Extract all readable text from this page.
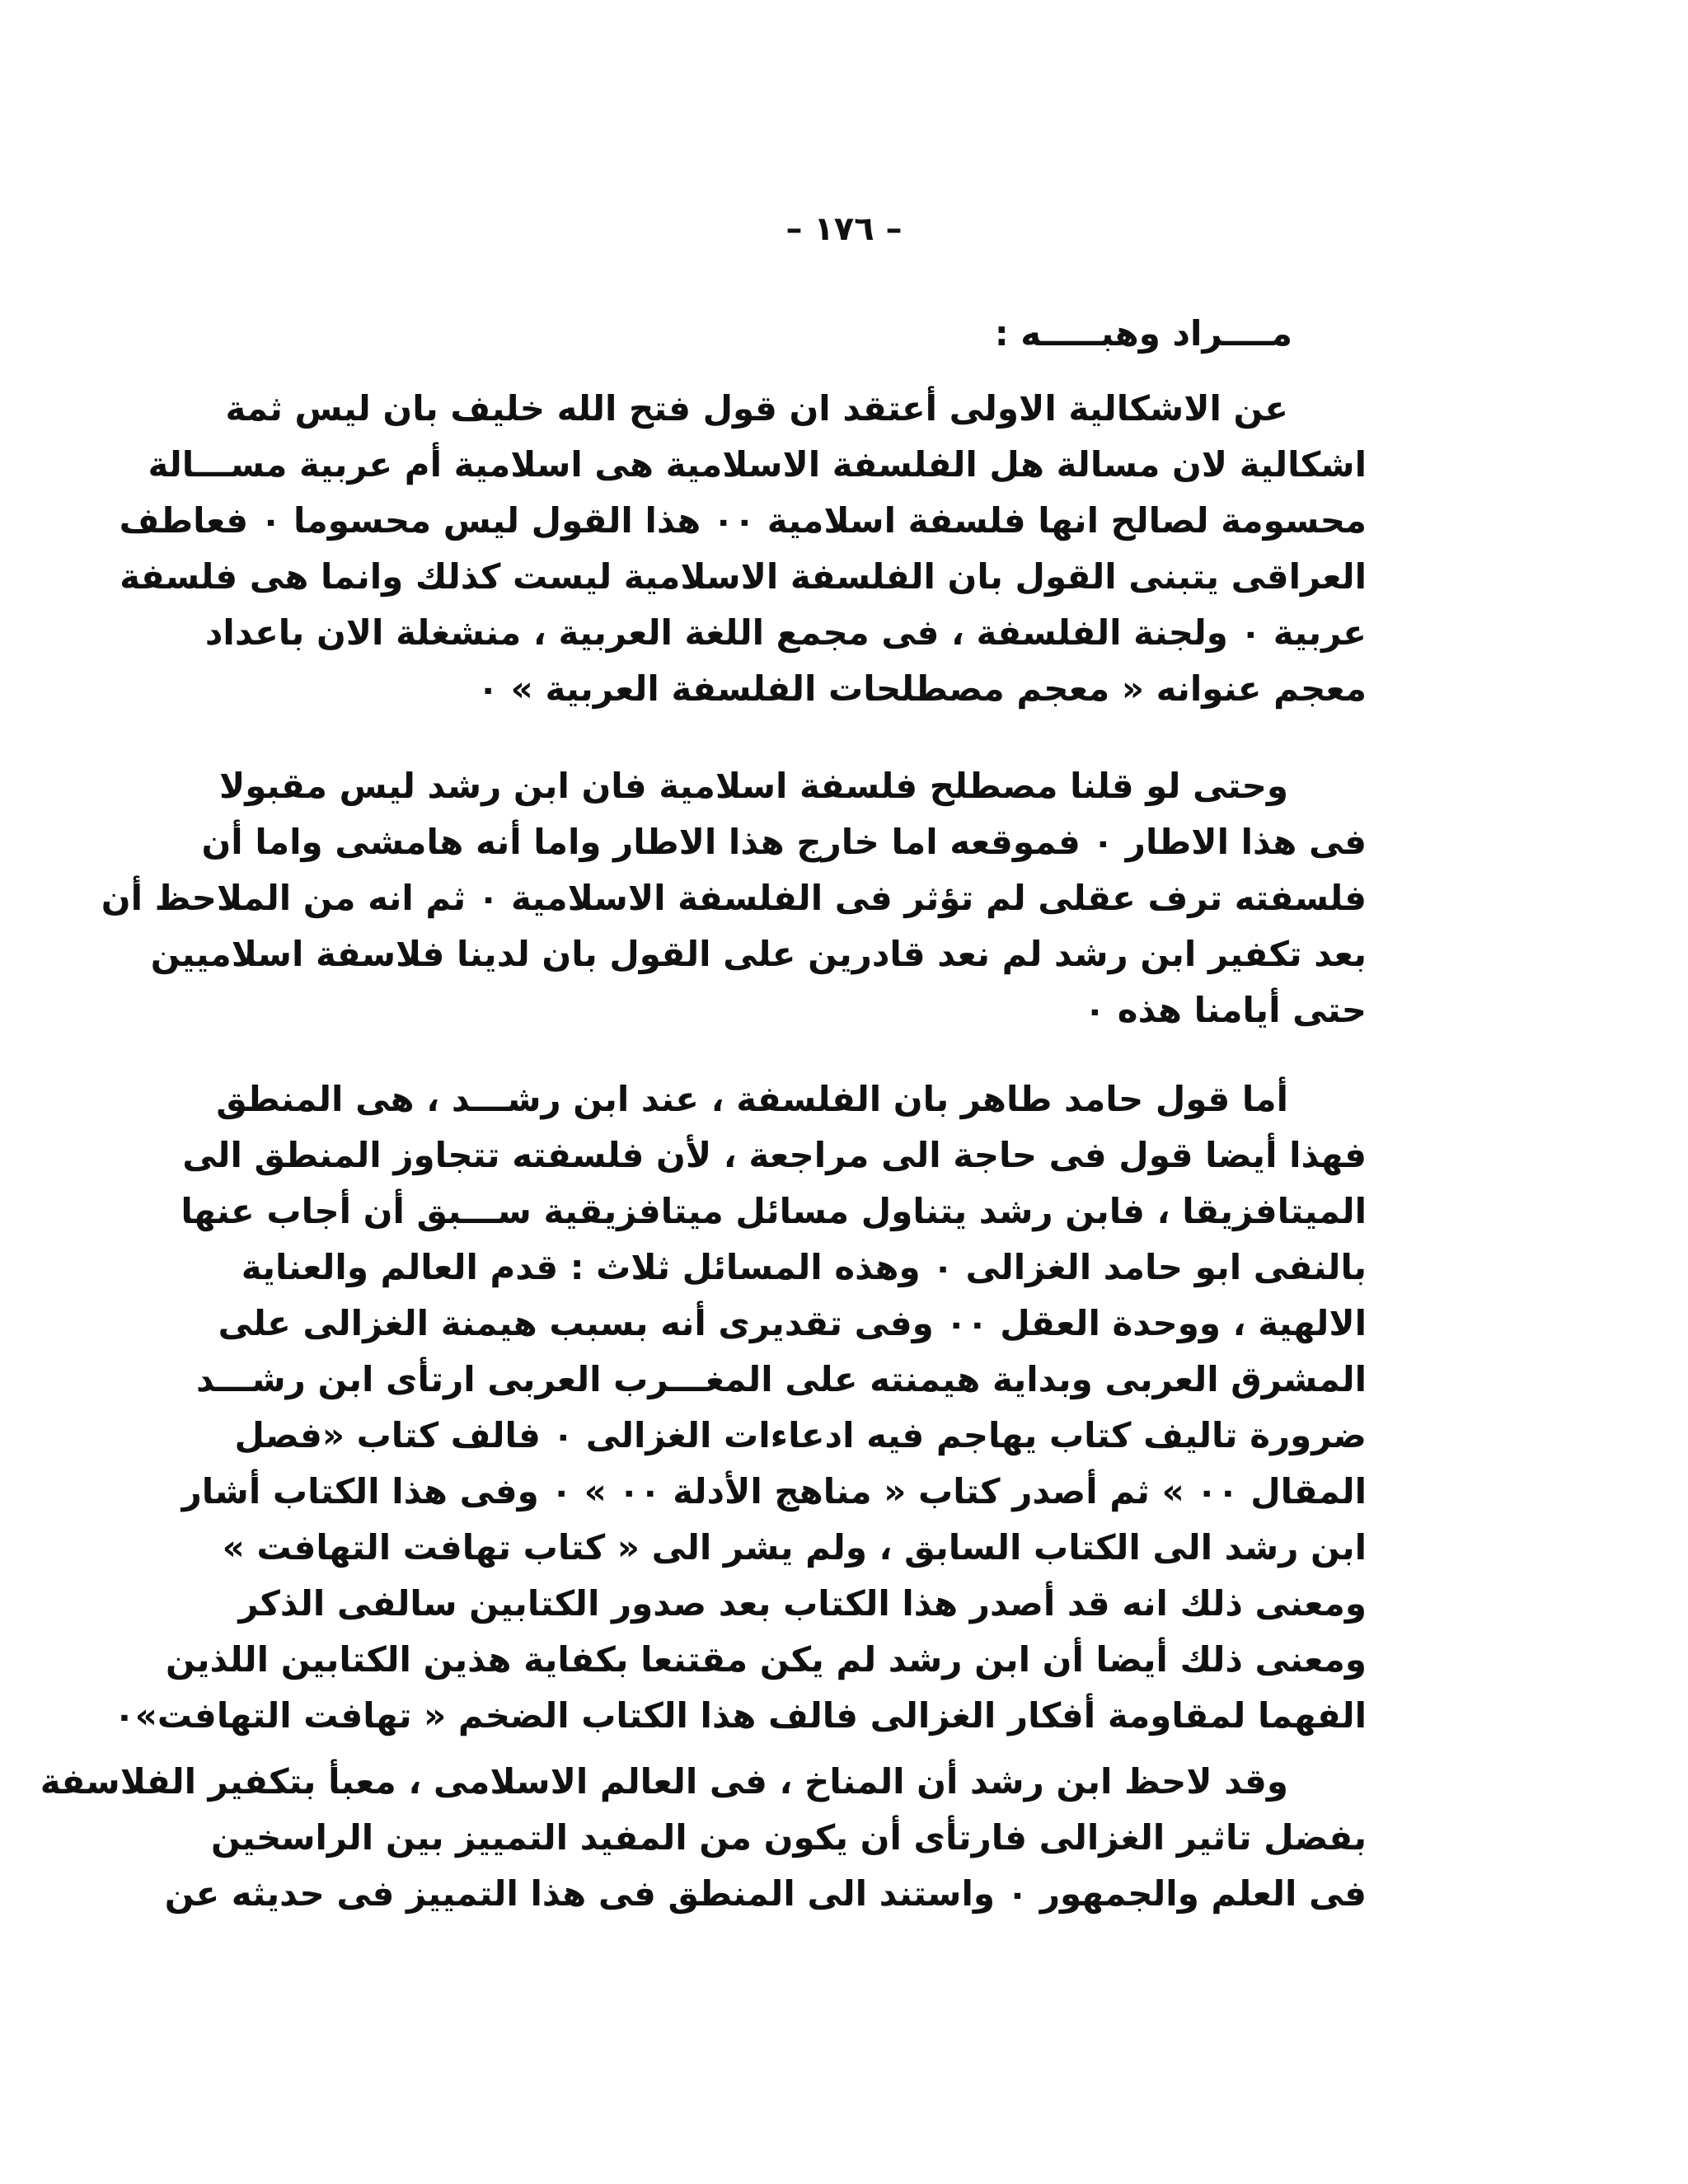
– ١٧٦ –
مــــراد وهبـــــه :
عن الاشكالية الاولى أعتقد ان قول فتح الله خليف بان ليس ثمة
اشكالية لان مسالة هل الفلسفة الاسلامية هى اسلامية أم عربية مســـالة
محسومة لصالح انها فلسفة اسلامية ٠٠ هذا القول ليس محسوما ٠ فعاطف
العراقى يتبنى القول بان الفلسفة الاسلامية ليست كذلك وانما هى فلسفة
عربية ٠ ولجنة الفلسفة ، فى مجمع اللغة العربية ، منشغلة الان باعداد
معجم عنوانه « معجم مصطلحات الفلسفة العربية » ٠
وحتى لو قلنا مصطلح فلسفة اسلامية فان ابن رشد ليس مقبولا
فى هذا الاطار ٠ فموقعه اما خارج هذا الاطار واما أنه هامشى واما أن
فلسفته ترف عقلى لم تؤثر فى الفلسفة الاسلامية ٠ ثم انه من الملاحظ أن
بعد تكفير ابن رشد لم نعد قادرين على القول بان لدينا فلاسفة اسلاميين
حتى أيامنا هذه ٠
أما قول حامد طاهر بان الفلسفة ، عند ابن رشـــد ، هى المنطق
فهذا أيضا قول فى حاجة الى مراجعة ، لأن فلسفته تتجاوز المنطق الى
الميتافزيقا ، فابن رشد يتناول مسائل ميتافزيقية ســـبق أن أجاب عنها
بالنفى ابو حامد الغزالى ٠ وهذه المسائل ثلاث : قدم العالم والعناية
الالهية ، ووحدة العقل ٠٠ وفى تقديرى أنه بسبب هيمنة الغزالى على
المشرق العربى وبداية هيمنته على المغـــرب العربى ارتأى ابن رشـــد
ضرورة تاليف كتاب يهاجم فيه ادعاءات الغزالى ٠ فالف كتاب «فصل
المقال ٠٠ » ثم أصدر كتاب « مناهج الأدلة ٠٠ » ٠ وفى هذا الكتاب أشار
ابن رشد الى الكتاب السابق ، ولم يشر الى « كتاب تهافت التهافت »
ومعنى ذلك انه قد أصدر هذا الكتاب بعد صدور الكتابين سالفى الذكر
ومعنى ذلك أيضا أن ابن رشد لم يكن مقتنعا بكفاية هذين الكتابين اللذين
الفهما لمقاومة أفكار الغزالى فالف هذا الكتاب الضخم « تهافت التهافت»٠
وقد لاحظ ابن رشد أن المناخ ، فى العالم الاسلامى ، معبأ بتكفير الفلاسفة
بفضل تاثير الغزالى فارتأى أن يكون من المفيد التمييز بين الراسخين
فى العلم والجمهور ٠ واستند الى المنطق فى هذا التمييز فى حديثه عن
